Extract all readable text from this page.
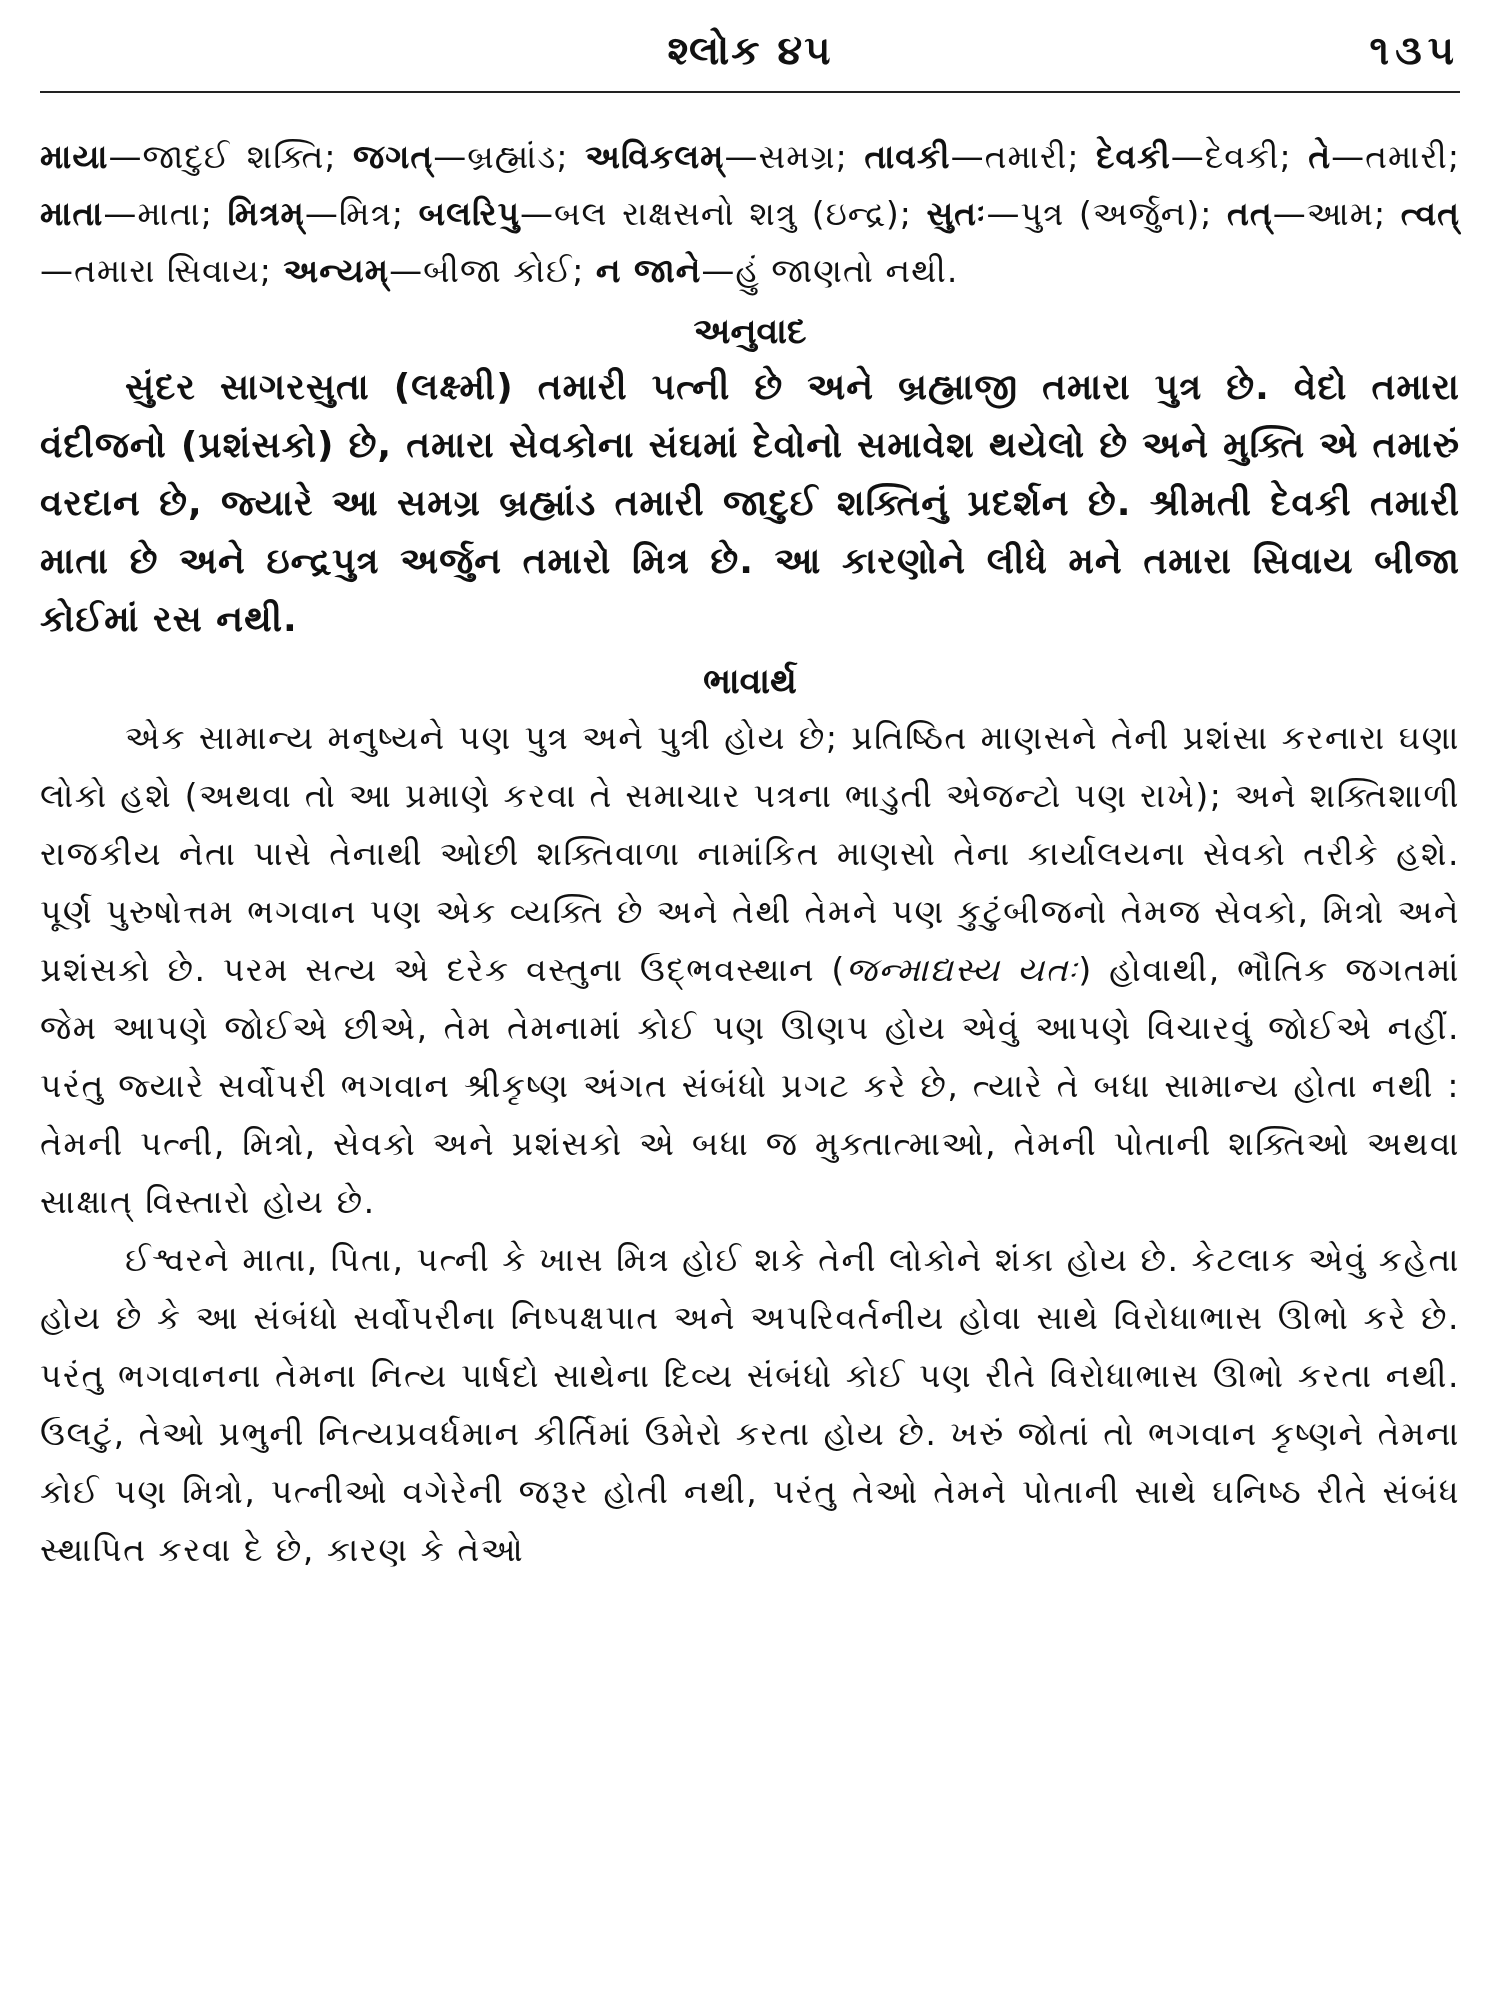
શ્લોક ૪૫	૧૩૫

માયા—જાદુઈ શક્તિ; જગત્—બ્રહ્માંડ; અવિકલમ્—સમગ્ર; તાવકી—તમારી; દેવકી—દેવકી; તે—તમારી; માતા—માતા; મિત્રમ્—મિત્ર; બલરિપુ—બલ રાક્ષસનો શત્રુ (ઇન્દ્ર); સુતઃ—પુત્ર (અર્જુન); તત્—આમ; ત્વત્—તમારા સિવાય; અન્યમ્—બીજા કોઈ; ન જાને—હું જાણતો નથી.

અનુવાદ

સુંદર સાગરસુતા (લક્ષ્મી) તમારી પત્ની છે અને બ્રહ્માજી તમારા પુત્ર છે. વેદો તમારા વંદીજનો (પ્રશંસકો) છે, તમારા સેવકોના સંઘમાં દેવોનો સમાવેશ થયેલો છે અને મુક્તિ એ તમારું વરદાન છે, જ્યારે આ સમગ્ર બ્રહ્માંડ તમારી જાદુઈ શક્તિનું પ્રદર્શન છે. શ્રીમતી દેવકી તમારી માતા છે અને ઇન્દ્રપુત્ર અર્જુન તમારો મિત્ર છે. આ કારણોને લીધે મને તમારા સિવાય બીજા કોઈમાં રસ નથી.

ભાવાર્થ

એક સામાન્ય મનુષ્યને પણ પુત્ર અને પુત્રી હોય છે; પ્રતિષ્ઠિત માણસને તેની પ્રશંસા કરનારા ઘણા લોકો હશે (અથવા તો આ પ્રમાણે કરવા તે સમાચાર પત્રના ભાડુતી એજન્ટો પણ રાખે); અને શક્તિશાળી રાજકીય નેતા પાસે તેનાથી ઓછી શક્તિવાળા નામાંકિત માણસો તેના કાર્યાલયના સેવકો તરીકે હશે. પૂર્ણ પુરુષોત્તમ ભગવાન પણ એક વ્યક્તિ છે અને તેથી તેમને પણ કુટુંબીજનો તેમજ સેવકો, મિત્રો અને પ્રશંસકો છે. પરમ સત્ય એ દરેક વસ્તુના ઉદ્ભવસ્થાન (જન્માદ્યસ્ય યતઃ) હોવાથી, ભૌતિક જગતમાં જેમ આપણે જોઈએ છીએ, તેમ તેમનામાં કોઈ પણ ઊણપ હોય એવું આપણે વિચારવું જોઈએ નહીં. પરંતુ જ્યારે સર્વોપરી ભગવાન શ્રીકૃષ્ણ અંગત સંબંધો પ્રગટ કરે છે, ત્યારે તે બધા સામાન્ય હોતા નથી : તેમની પત્ની, મિત્રો, સેવકો અને પ્રશંસકો એ બધા જ મુક્તાત્માઓ, તેમની પોતાની શક્તિઓ અથવા સાક્ષાત્ વિસ્તારો હોય છે.

ઈશ્વરને માતા, પિતા, પત્ની કે ખાસ મિત્ર હોઈ શકે તેની લોકોને શંકા હોય છે. કેટલાક એવું કહેતા હોય છે કે આ સંબંધો સર્વોપરીના નિષ્પક્ષપાત અને અપરિવર્તનીય હોવા સાથે વિરોધાભાસ ઊભો કરે છે. પરંતુ ભગવાનના તેમના નિત્ય પાર્ષદો સાથેના દિવ્ય સંબંધો કોઈ પણ રીતે વિરોધાભાસ ઊભો કરતા નથી. ઉલટું, તેઓ પ્રભુની નિત્યપ્રવર્ધમાન કીર્તિમાં ઉમેરો કરતા હોય છે. ખરું જોતાં તો ભગવાન કૃષ્ણને તેમના કોઈ પણ મિત્રો, પત્નીઓ વગેરેની જરૂર હોતી નથી, પરંતુ તેઓ તેમને પોતાની સાથે ઘનિષ્ઠ રીતે સંબંધ સ્થાપિત કરવા દે છે, કારણ કે તેઓ
